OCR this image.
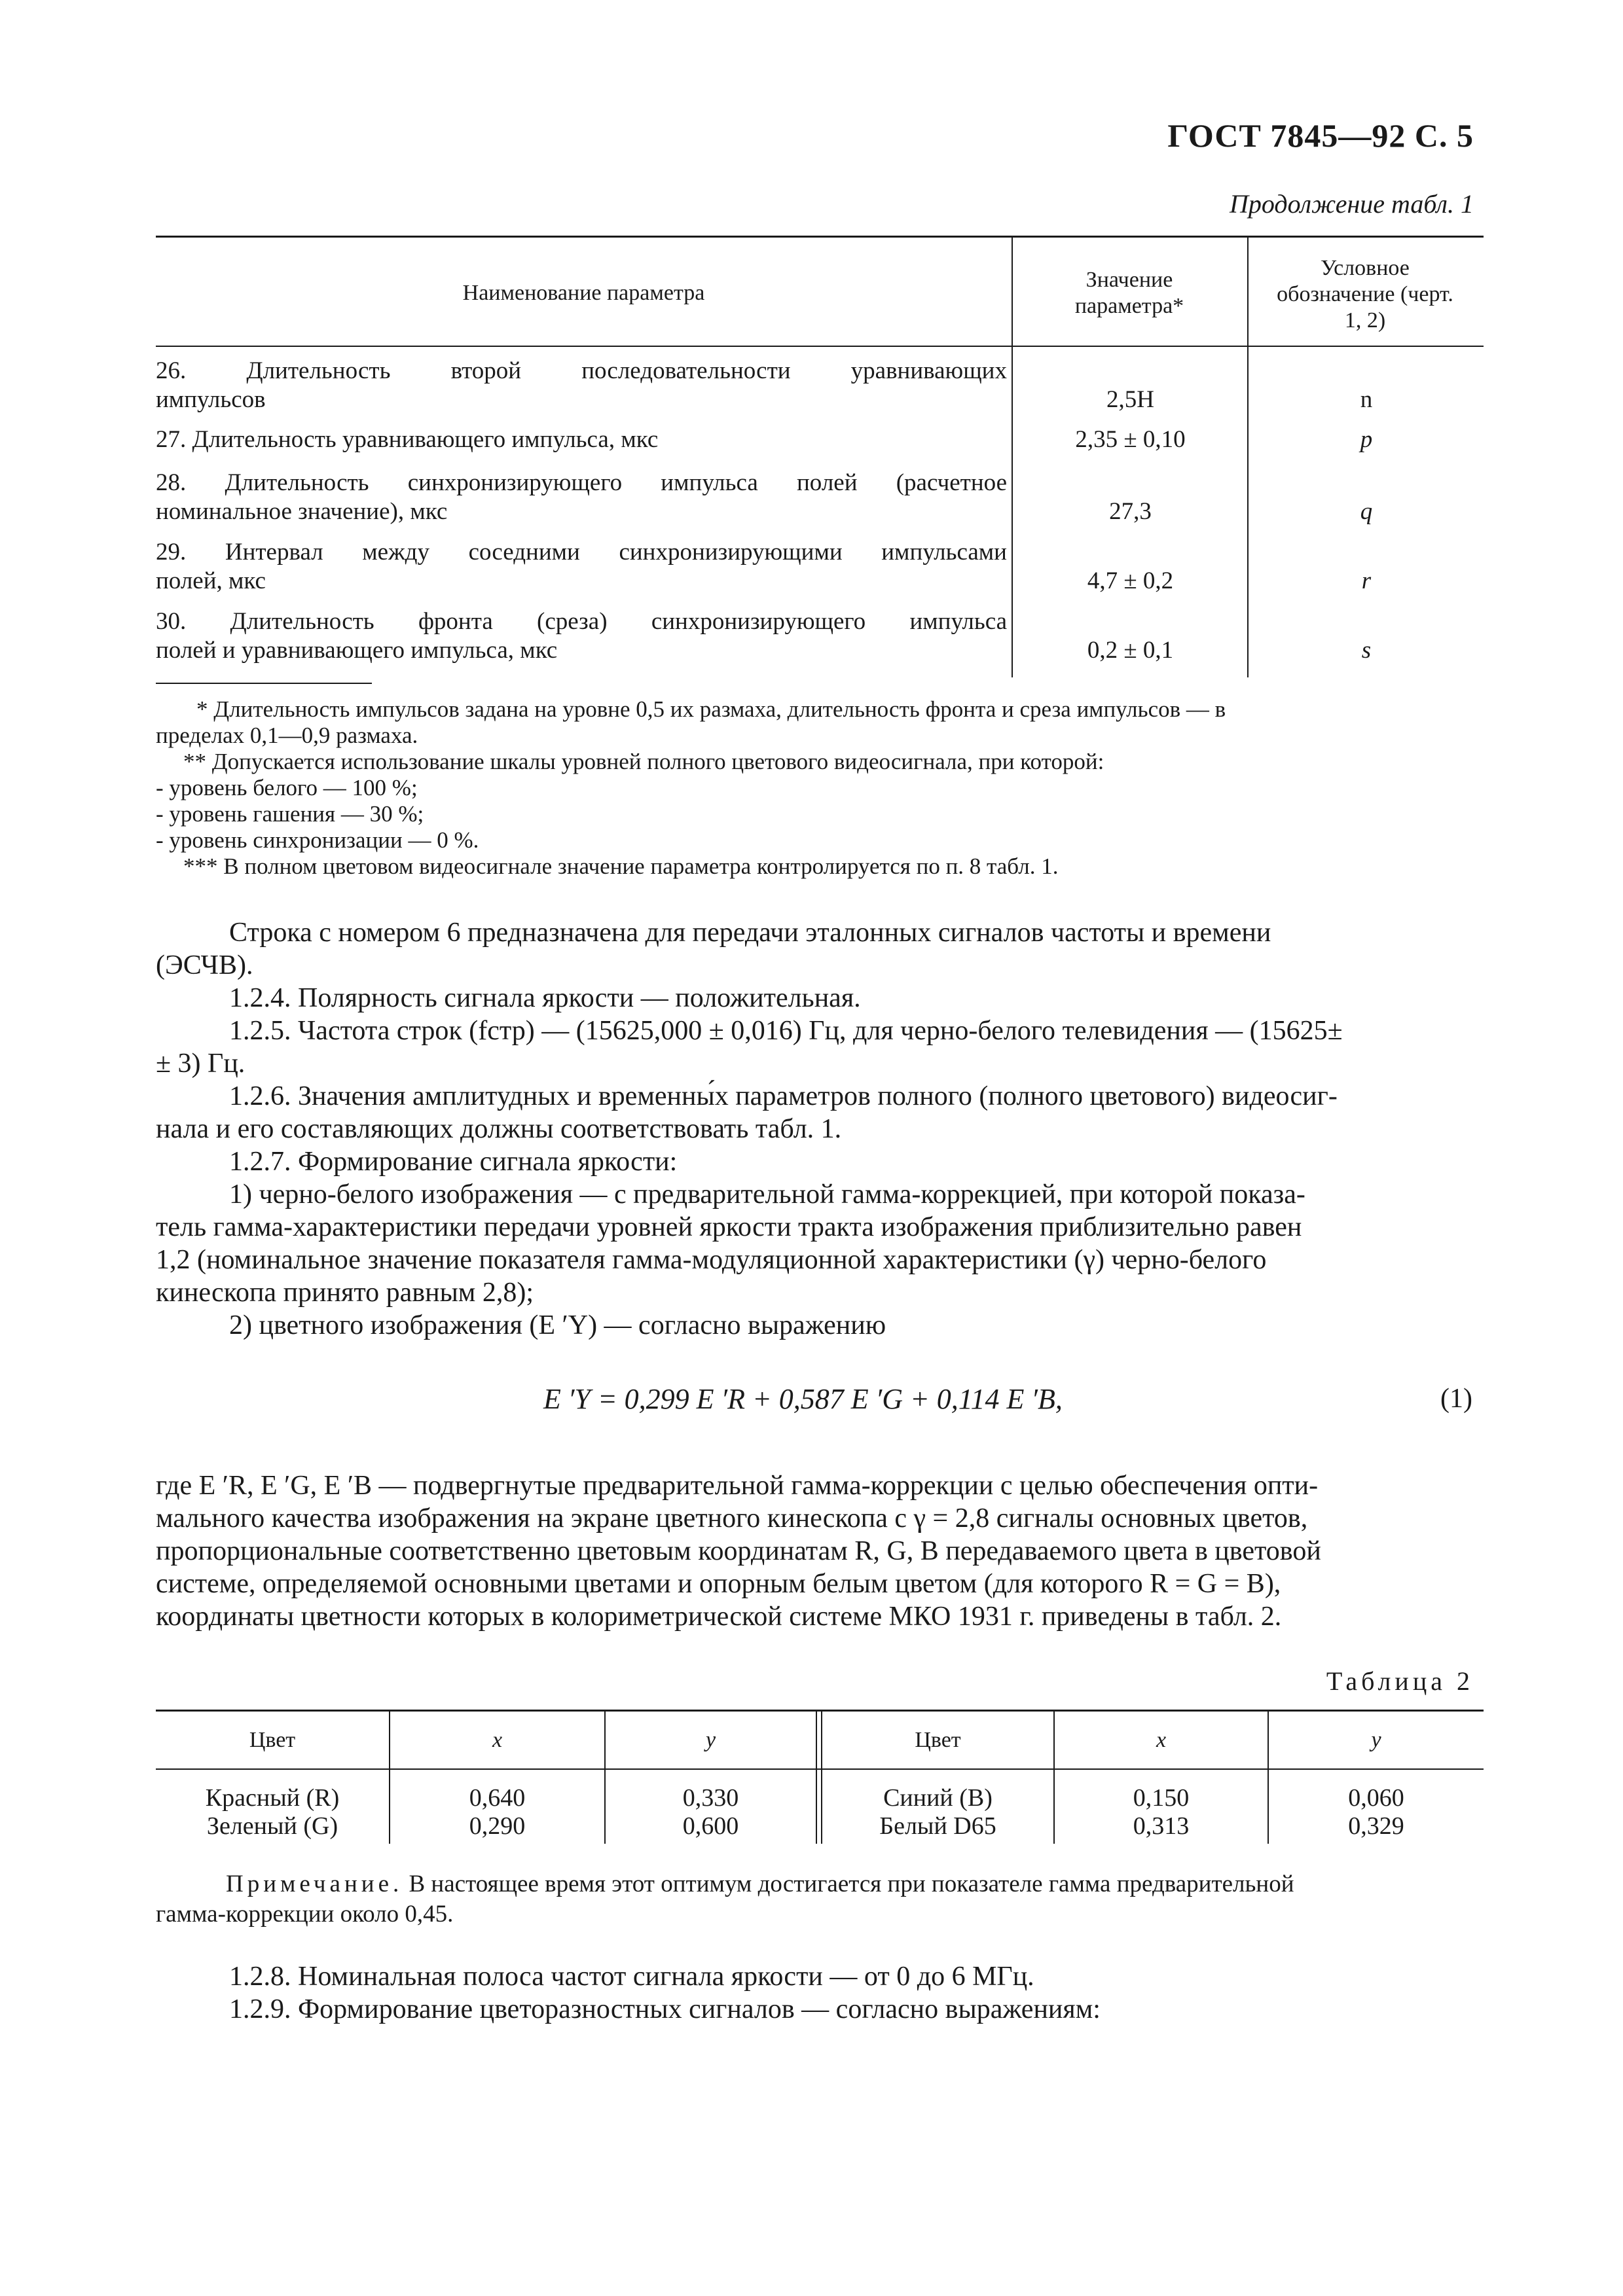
ГОСТ 7845—92 С. 5
Продолжение табл. 1
Наименование параметра
Значение параметра*
Условное обозначение (черт. 1, 2)
26. Длительность второй последовательности уравнивающих
импульсов	2,5H	n
27. Длительность уравнивающего импульса, мкс	2,35 ± 0,10	p
28. Длительность синхронизирующего импульса полей (расчетное
номинальное значение), мкс	27,3	q
29. Интервал между соседними синхронизирующими импульсами
полей, мкс	4,7 ± 0,2	r
30. Длительность фронта (среза) синхронизирующего импульса
полей и уравнивающего импульса, мкс	0,2 ± 0,1	s
* Длительность импульсов задана на уровне 0,5 их размаха, длительность фронта и среза импульсов — в
пределах 0,1—0,9 размаха.
** Допускается использование шкалы уровней полного цветового видеосигнала, при которой:
- уровень белого — 100 %;
- уровень гашения — 30 %;
- уровень синхронизации — 0 %.
*** В полном цветовом видеосигнале значение параметра контролируется по п. 8 табл. 1.
Строка с номером 6 предназначена для передачи эталонных сигналов частоты и времени
(ЭСЧВ).
1.2.4. Полярность сигнала яркости — положительная.
1.2.5. Частота строк (fстр) — (15625,000 ± 0,016) Гц, для черно-белого телевидения — (15625±
± 3) Гц.
1.2.6. Значения амплитудных и временны́х параметров полного (полного цветового) видеосиг-
нала и его составляющих должны соответствовать табл. 1.
1.2.7. Формирование сигнала яркости:
1) черно-белого изображения — с предварительной гамма-коррекцией, при которой показа-
тель гамма-характеристики передачи уровней яркости тракта изображения приблизительно равен
1,2 (номинальное значение показателя гамма-модуляционной характеристики (γ) черно-белого
кинескопа принято равным 2,8);
2) цветного изображения (E ′Y) — согласно выражению
E ′Y = 0,299 E ′R + 0,587 E ′G + 0,114 E ′B,	(1)
где E ′R, E ′G, E ′B — подвергнутые предварительной гамма-коррекции с целью обеспечения опти-
мального качества изображения на экране цветного кинескопа с γ = 2,8 сигналы основных цветов,
пропорциональные соответственно цветовым координатам R, G, B передаваемого цвета в цветовой
системе, определяемой основными цветами и опорным белым цветом (для которого R = G = B),
координаты цветности которых в колориметрической системе МКО 1931 г. приведены в табл. 2.
Таблица 2
Цвет	x	y	Цвет	x	y
Красный (R)	0,640	0,330	Синий (B)	0,150	0,060
Зеленый (G)	0,290	0,600	Белый D65	0,313	0,329
Примечание. В настоящее время этот оптимум достигается при показателе гамма предварительной
гамма-коррекции около 0,45.
1.2.8. Номинальная полоса частот сигнала яркости — от 0 до 6 МГц.
1.2.9. Формирование цветоразностных сигналов — согласно выражениям:
